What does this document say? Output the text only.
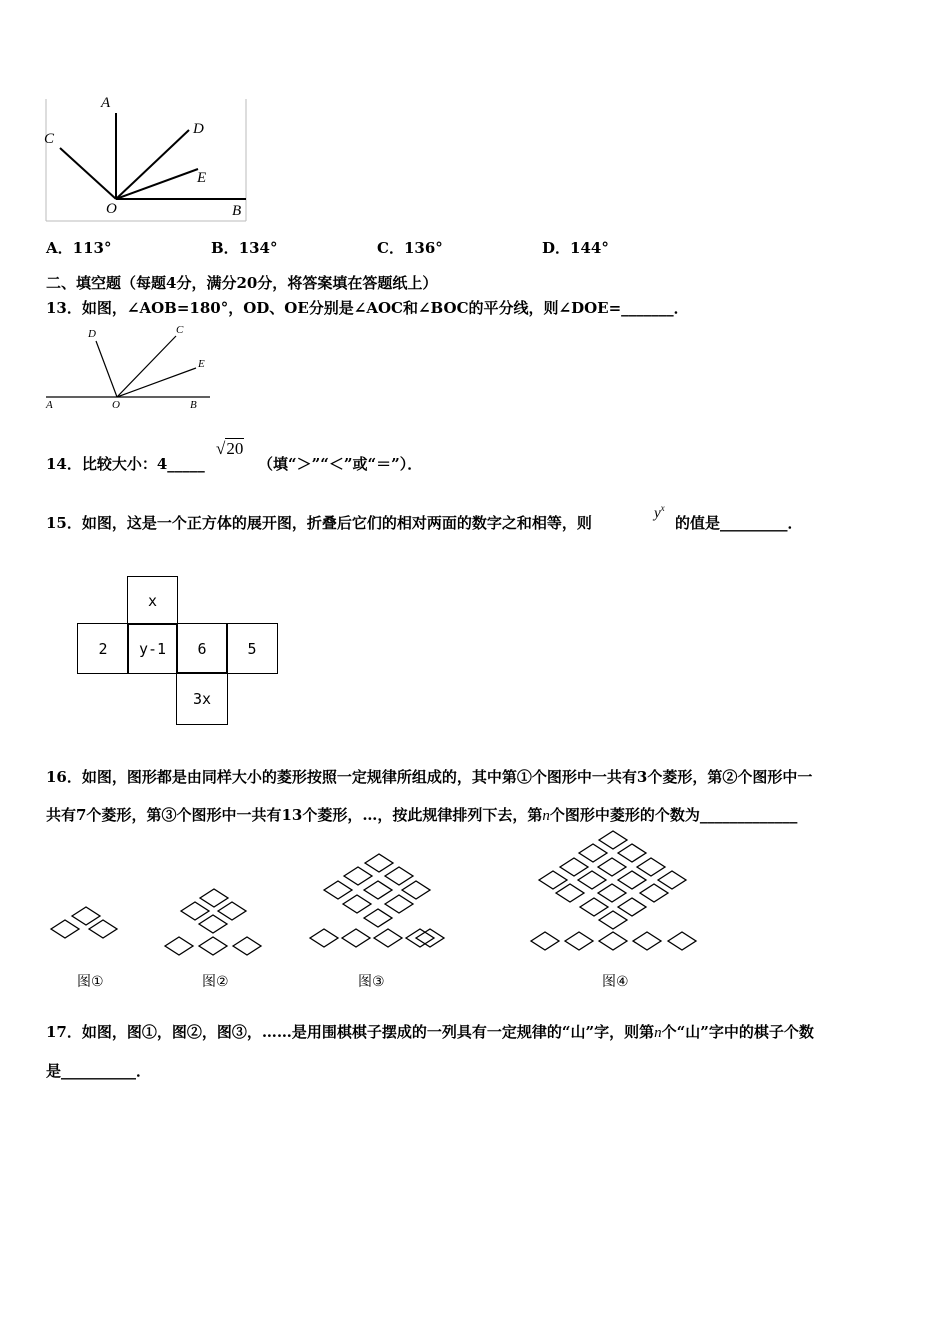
A
C
D
E
O	B
A．113°	B．134°	C．136°	D．144°
二、填空题（每题4分，满分20分，将答案填在答题纸上）
13．如图，∠AOB=180°，OD、OE分别是∠AOC和∠BOC的平分线，则∠DOE=_______．
A	O	B
D	C
E
14．比较大小：4_____
√20
（填“＞”“＜”或“＝”）．
15．如图，这是一个正方体的展开图，折叠后它们的相对两面的数字之和相等，则
$y^x$
的值是_________．
x
2	y-1	6	5
3x
16．如图，图形都是由同样大小的菱形按照一定规律所组成的，其中第①个图形中一共有3个菱形，第②个图形中一
共有7个菱形，第③个图形中一共有13个菱形，…，按此规律排列下去，第n个图形中菱形的个数为_____________
图①	图②	图③	图④
17．如图，图①，图②，图③，……是用围棋棋子摆成的一列具有一定规律的“山”字，则第n个“山”字中的棋子个数
是__________．
